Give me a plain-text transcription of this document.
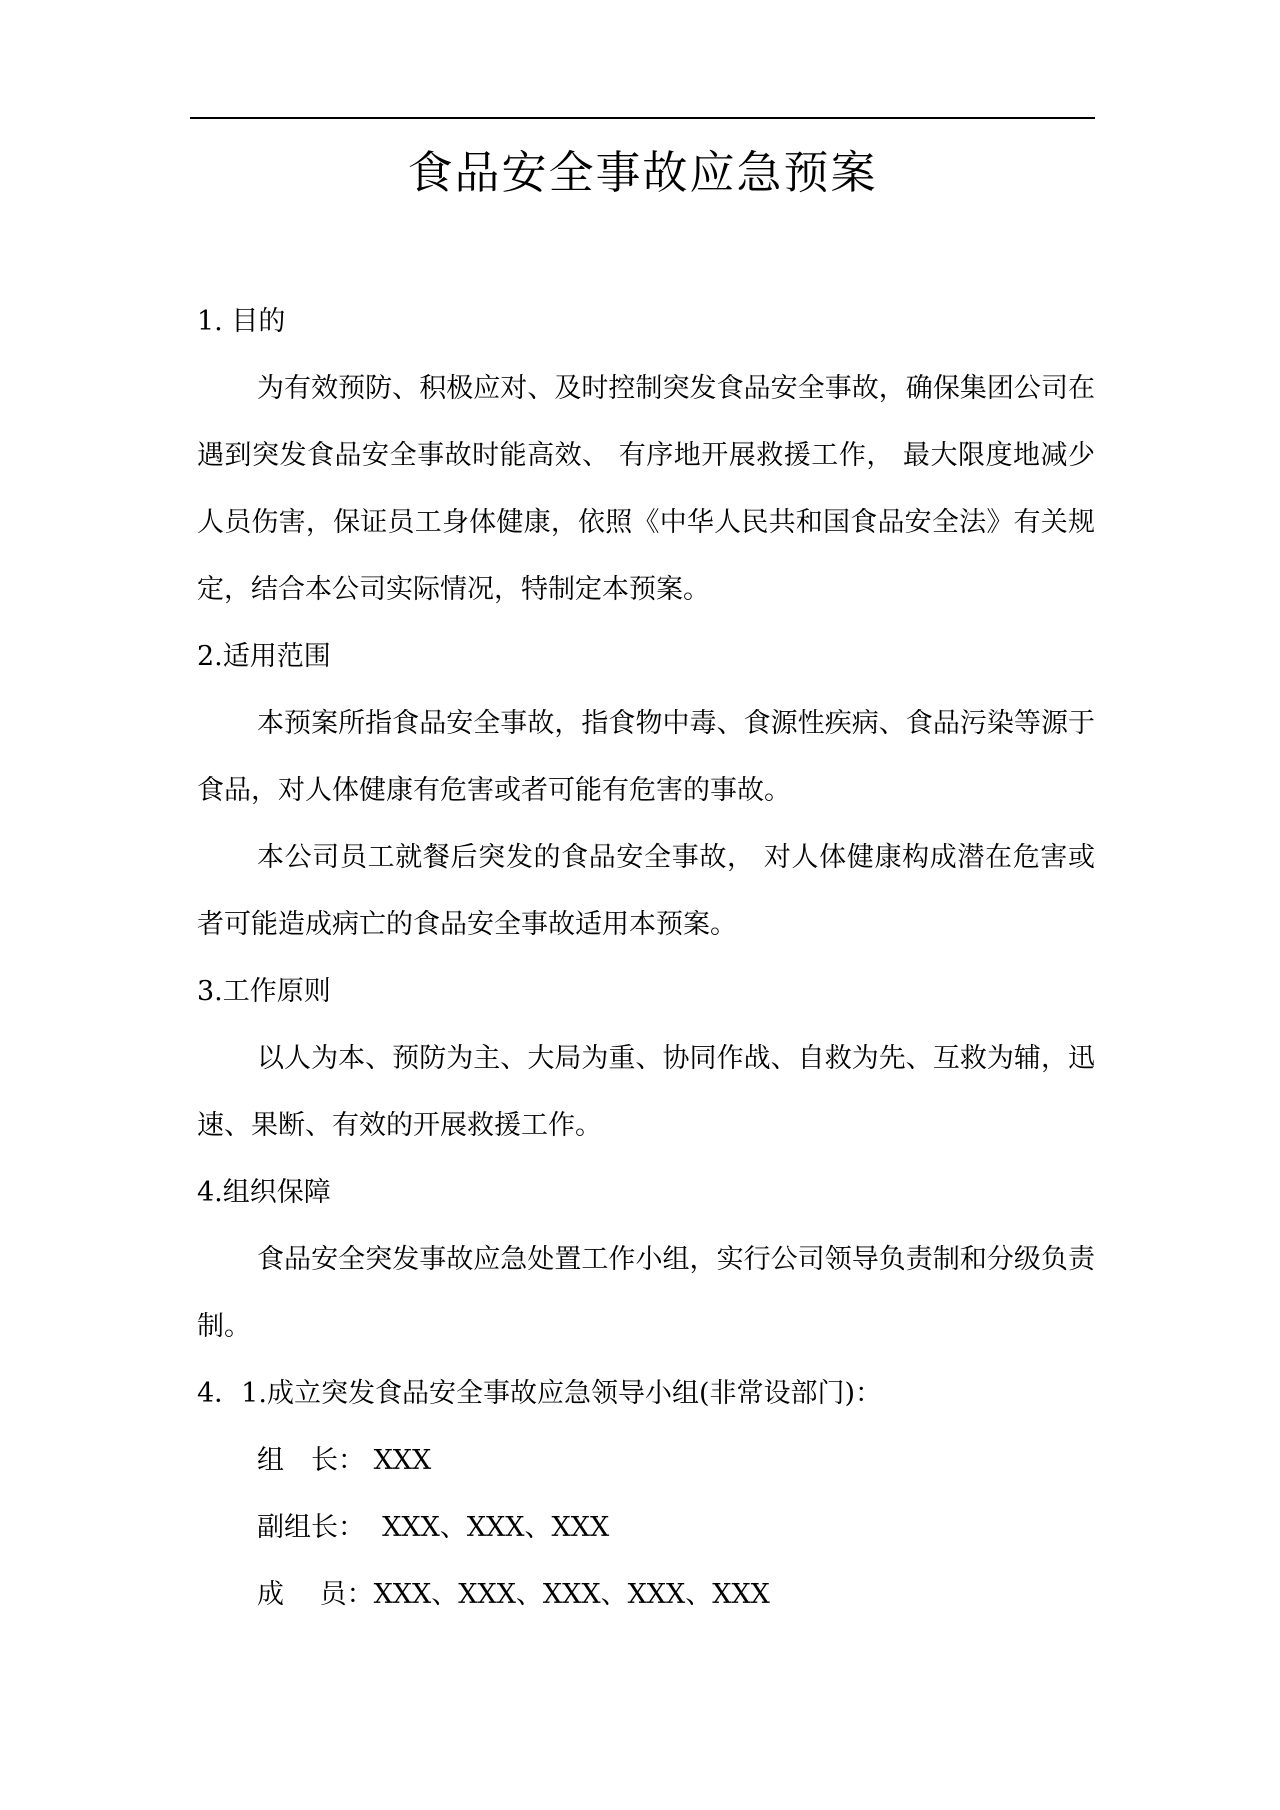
食品安全事故应急预案

1. 目的

为有效预防、积极应对、及时控制突发食品安全事故，确保集团公司在遇到突发食品安全事故时能高效、 有序地开展救援工作， 最大限度地减少人员伤害，保证员工身体健康，依照《中华人民共和国食品安全法》有关规定，结合本公司实际情况，特制定本预案。

2.适用范围

本预案所指食品安全事故，指食物中毒、食源性疾病、食品污染等源于食品，对人体健康有危害或者可能有危害的事故。

本公司员工就餐后突发的食品安全事故， 对人体健康构成潜在危害或者可能造成病亡的食品安全事故适用本预案。

3.工作原则

以人为本、预防为主、大局为重、协同作战、自救为先、互救为辅，迅速、果断、有效的开展救援工作。

4.组织保障

食品安全突发事故应急处置工作小组，实行公司领导负责制和分级负责制。

4．1.成立突发食品安全事故应急领导小组(非常设部门)：

组　长： XXX

副组长：  XXX、XXX、XXX

成　 员：XXX、XXX、XXX、XXX、XXX
